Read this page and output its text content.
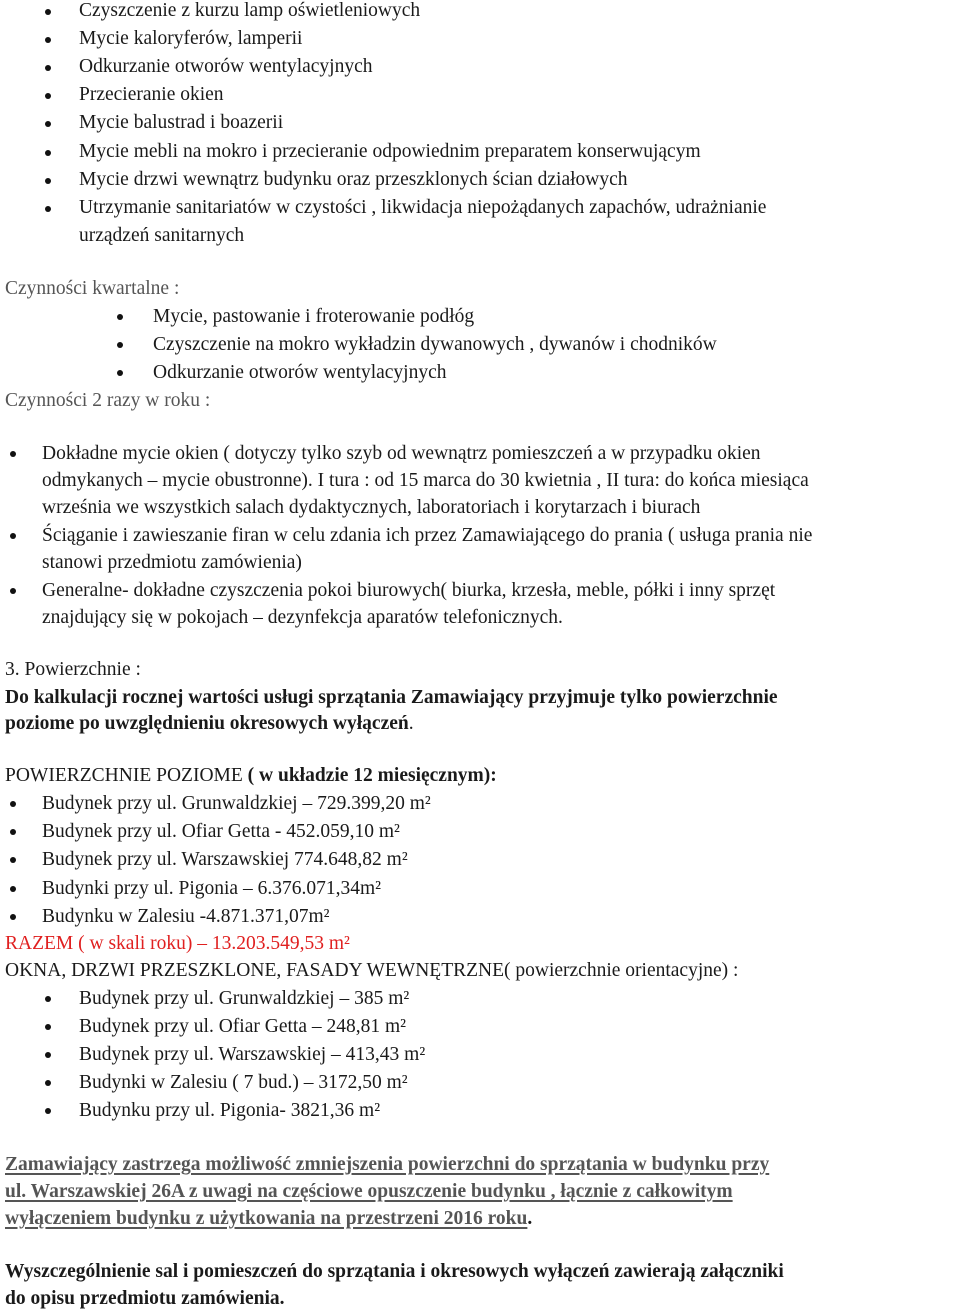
Czyszczenie z kurzu lamp oświetleniowych
Mycie kaloryferów, lamperii
Odkurzanie otworów wentylacyjnych
Przecieranie okien
Mycie balustrad i boazerii
Mycie mebli na mokro i przecieranie odpowiednim preparatem konserwującym
Mycie drzwi wewnątrz budynku oraz przeszklonych ścian działowych
Utrzymanie sanitariatów w czystości , likwidacja niepożądanych zapachów, udrażnianie
urządzeń sanitarnych
Czynności kwartalne :
Mycie, pastowanie i froterowanie podłóg
Czyszczenie na mokro wykładzin dywanowych , dywanów i chodników
Odkurzanie otworów wentylacyjnych
Czynności 2 razy w roku :
Dokładne mycie okien ( dotyczy tylko szyb od wewnątrz pomieszczeń a w przypadku okien
odmykanych – mycie obustronne). I tura : od 15 marca do 30 kwietnia , II tura: do końca miesiąca
września we wszystkich salach dydaktycznych, laboratoriach i korytarzach i biurach
Ściąganie i zawieszanie firan w celu zdania ich przez Zamawiającego do prania ( usługa prania nie
stanowi przedmiotu zamówienia)
Generalne- dokładne czyszczenia pokoi biurowych( biurka, krzesła, meble, półki i inny sprzęt
znajdujący się w pokojach – dezynfekcja aparatów telefonicznych.
3. Powierzchnie :
Do kalkulacji rocznej wartości usługi sprzątania Zamawiający przyjmuje tylko powierzchnie
poziome po uwzględnieniu okresowych wyłączeń.
POWIERZCHNIE POZIOME ( w układzie 12 miesięcznym):
Budynek przy ul. Grunwaldzkiej – 729.399,20 m²
Budynek przy ul. Ofiar Getta - 452.059,10 m²
Budynek przy ul. Warszawskiej 774.648,82 m²
Budynki przy ul. Pigonia – 6.376.071,34m²
Budynku w Zalesiu -4.871.371,07m²
RAZEM ( w skali roku) – 13.203.549,53 m²
OKNA, DRZWI PRZESZKLONE, FASADY WEWNĘTRZNE( powierzchnie orientacyjne) :
Budynek przy ul. Grunwaldzkiej – 385 m²
Budynek przy ul. Ofiar Getta – 248,81 m²
Budynek przy ul. Warszawskiej – 413,43 m²
Budynki w Zalesiu ( 7 bud.) – 3172,50 m²
Budynku przy ul. Pigonia- 3821,36 m²
Zamawiający zastrzega możliwość zmniejszenia powierzchni do sprzątania w budynku przy
ul. Warszawskiej 26A z uwagi na częściowe opuszczenie budynku , łącznie z całkowitym
wyłączeniem budynku z użytkowania na przestrzeni 2016 roku.
Wyszczególnienie sal i pomieszczeń do sprzątania i okresowych wyłączeń zawierają załączniki
do opisu przedmiotu zamówienia.
